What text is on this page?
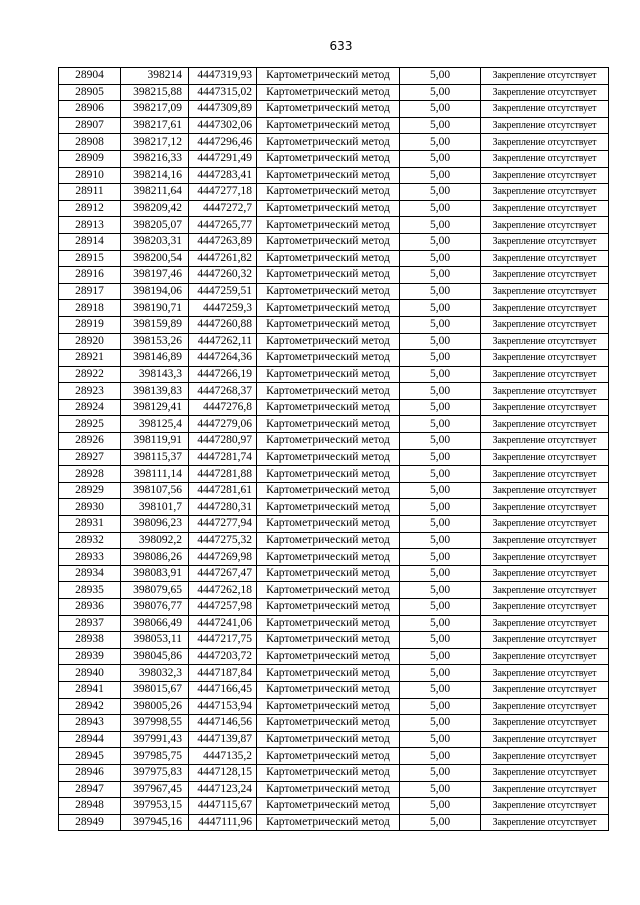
633
28904	398214	4447319,93	Картометрический метод	5,00	Закрепление отсутствует
28905	398215,88	4447315,02	Картометрический метод	5,00	Закрепление отсутствует
28906	398217,09	4447309,89	Картометрический метод	5,00	Закрепление отсутствует
28907	398217,61	4447302,06	Картометрический метод	5,00	Закрепление отсутствует
28908	398217,12	4447296,46	Картометрический метод	5,00	Закрепление отсутствует
28909	398216,33	4447291,49	Картометрический метод	5,00	Закрепление отсутствует
28910	398214,16	4447283,41	Картометрический метод	5,00	Закрепление отсутствует
28911	398211,64	4447277,18	Картометрический метод	5,00	Закрепление отсутствует
28912	398209,42	4447272,7	Картометрический метод	5,00	Закрепление отсутствует
28913	398205,07	4447265,77	Картометрический метод	5,00	Закрепление отсутствует
28914	398203,31	4447263,89	Картометрический метод	5,00	Закрепление отсутствует
28915	398200,54	4447261,82	Картометрический метод	5,00	Закрепление отсутствует
28916	398197,46	4447260,32	Картометрический метод	5,00	Закрепление отсутствует
28917	398194,06	4447259,51	Картометрический метод	5,00	Закрепление отсутствует
28918	398190,71	4447259,3	Картометрический метод	5,00	Закрепление отсутствует
28919	398159,89	4447260,88	Картометрический метод	5,00	Закрепление отсутствует
28920	398153,26	4447262,11	Картометрический метод	5,00	Закрепление отсутствует
28921	398146,89	4447264,36	Картометрический метод	5,00	Закрепление отсутствует
28922	398143,3	4447266,19	Картометрический метод	5,00	Закрепление отсутствует
28923	398139,83	4447268,37	Картометрический метод	5,00	Закрепление отсутствует
28924	398129,41	4447276,8	Картометрический метод	5,00	Закрепление отсутствует
28925	398125,4	4447279,06	Картометрический метод	5,00	Закрепление отсутствует
28926	398119,91	4447280,97	Картометрический метод	5,00	Закрепление отсутствует
28927	398115,37	4447281,74	Картометрический метод	5,00	Закрепление отсутствует
28928	398111,14	4447281,88	Картометрический метод	5,00	Закрепление отсутствует
28929	398107,56	4447281,61	Картометрический метод	5,00	Закрепление отсутствует
28930	398101,7	4447280,31	Картометрический метод	5,00	Закрепление отсутствует
28931	398096,23	4447277,94	Картометрический метод	5,00	Закрепление отсутствует
28932	398092,2	4447275,32	Картометрический метод	5,00	Закрепление отсутствует
28933	398086,26	4447269,98	Картометрический метод	5,00	Закрепление отсутствует
28934	398083,91	4447267,47	Картометрический метод	5,00	Закрепление отсутствует
28935	398079,65	4447262,18	Картометрический метод	5,00	Закрепление отсутствует
28936	398076,77	4447257,98	Картометрический метод	5,00	Закрепление отсутствует
28937	398066,49	4447241,06	Картометрический метод	5,00	Закрепление отсутствует
28938	398053,11	4447217,75	Картометрический метод	5,00	Закрепление отсутствует
28939	398045,86	4447203,72	Картометрический метод	5,00	Закрепление отсутствует
28940	398032,3	4447187,84	Картометрический метод	5,00	Закрепление отсутствует
28941	398015,67	4447166,45	Картометрический метод	5,00	Закрепление отсутствует
28942	398005,26	4447153,94	Картометрический метод	5,00	Закрепление отсутствует
28943	397998,55	4447146,56	Картометрический метод	5,00	Закрепление отсутствует
28944	397991,43	4447139,87	Картометрический метод	5,00	Закрепление отсутствует
28945	397985,75	4447135,2	Картометрический метод	5,00	Закрепление отсутствует
28946	397975,83	4447128,15	Картометрический метод	5,00	Закрепление отсутствует
28947	397967,45	4447123,24	Картометрический метод	5,00	Закрепление отсутствует
28948	397953,15	4447115,67	Картометрический метод	5,00	Закрепление отсутствует
28949	397945,16	4447111,96	Картометрический метод	5,00	Закрепление отсутствует
